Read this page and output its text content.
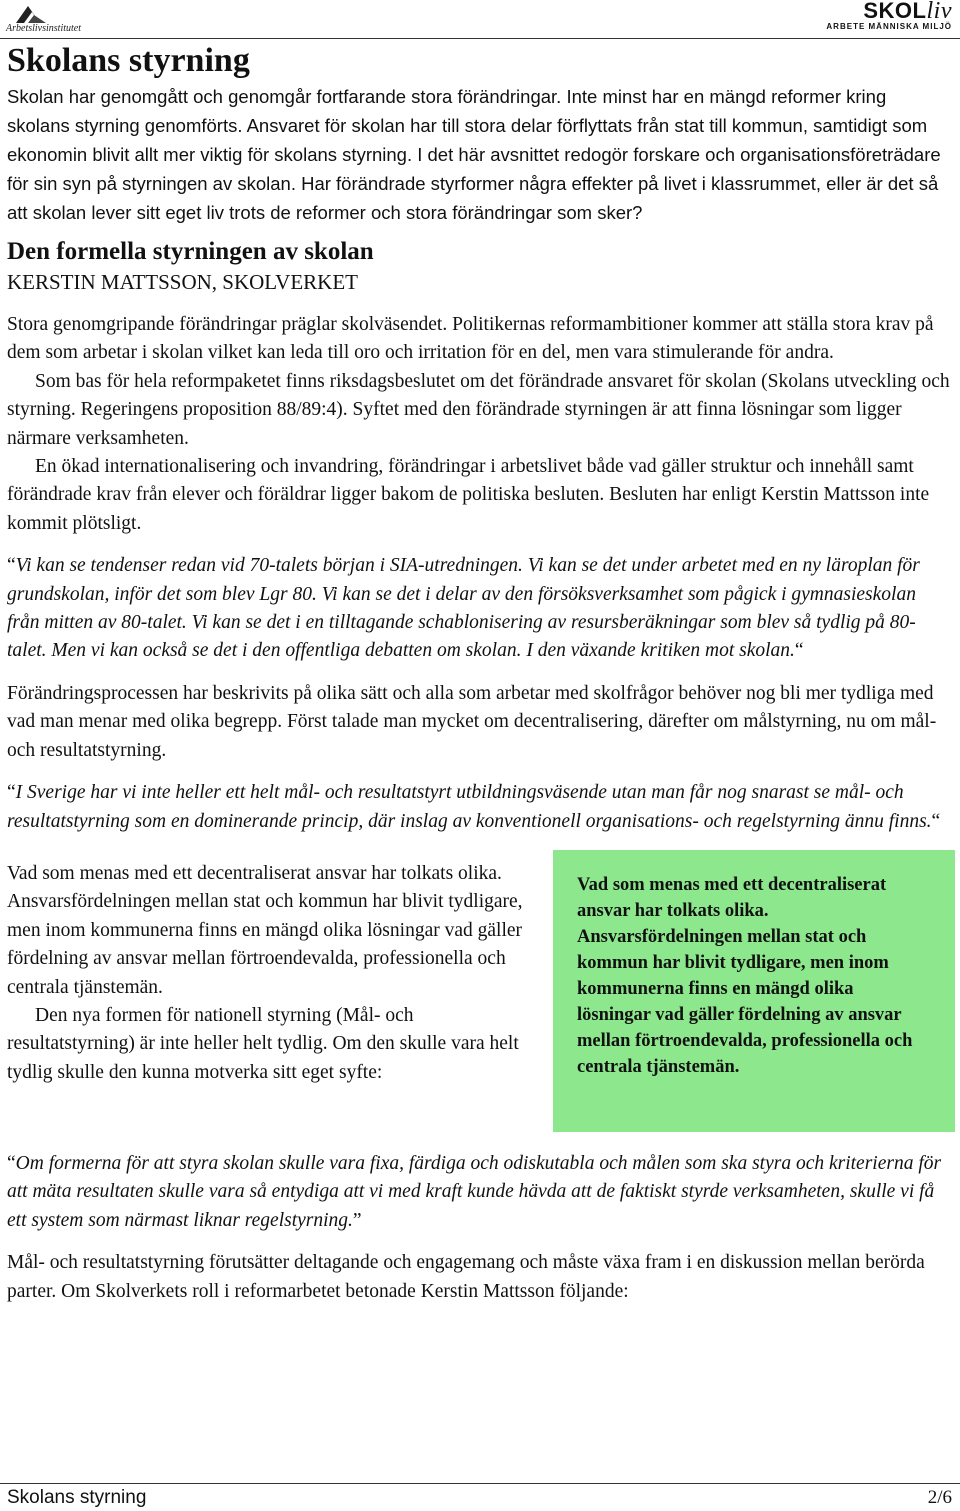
Arbetslivsinstitutet
SKOLliv
ARBETE MÄNNISKA MILJÖ
Skolans styrning

Skolan har genomgått och genomgår fortfarande stora förändringar. Inte minst har en mängd reformer kring skolans styrning genomförts. Ansvaret för skolan har till stora delar förflyttats från stat till kommun, samtidigt som ekonomin blivit allt mer viktig för skolans styrning. I det här avsnittet redogör forskare och organisationsföreträdare för sin syn på styrningen av skolan. Har förändrade styrformer några effekter på livet i klassrummet, eller är det så att skolan lever sitt eget liv trots de reformer och stora förändringar som sker?

Den formella styrningen av skolan
KERSTIN MATTSSON, SKOLVERKET

Stora genomgripande förändringar präglar skolväsendet. Politikernas reformambitioner kommer att ställa stora krav på dem som arbetar i skolan vilket kan leda till oro och irritation för en del, men vara stimulerande för andra.

Som bas för hela reformpaketet finns riksdagsbeslutet om det förändrade ansvaret för skolan (Skolans utveckling och styrning. Regeringens proposition 88/89:4). Syftet med den förändrade styrningen är att finna lösningar som ligger närmare verksamheten.

En ökad internationalisering och invandring, förändringar i arbetslivet både vad gäller struktur och innehåll samt förändrade krav från elever och föräldrar ligger bakom de politiska besluten. Besluten har enligt Kerstin Mattsson inte kommit plötsligt.

“Vi kan se tendenser redan vid 70-talets början i SIA-utredningen. Vi kan se det under arbetet med en ny läroplan för grundskolan, inför det som blev Lgr 80. Vi kan se det i delar av den försöksverksamhet som pågick i gymnasieskolan från mitten av 80-talet. Vi kan se det i en tilltagande schablonisering av resursberäkningar som blev så tydlig på 80-talet. Men vi kan också se det i den offentliga debatten om skolan. I den växande kritiken mot skolan.“

Förändringsprocessen har beskrivits på olika sätt och alla som arbetar med skolfrågor behöver nog bli mer tydliga med vad man menar med olika begrepp. Först talade man mycket om decentralisering, därefter om målstyrning, nu om mål- och resultatstyrning.

“I Sverige har vi inte heller ett helt mål- och resultatstyrt utbildningsväsende utan man får nog snarast se mål- och resultatstyrning som en dominerande princip, där inslag av konventionell organisations- och regelstyrning ännu finns.“

Vad som menas med ett decentraliserat ansvar har tolkats olika. Ansvarsfördelningen mellan stat och kommun har blivit tydligare, men inom kommunerna finns en mängd olika lösningar vad gäller fördelning av ansvar mellan förtroendevalda, professionella och centrala tjänstemän.

Den nya formen för nationell styrning (Mål- och resultatstyrning) är inte heller helt tydlig. Om den skulle vara helt tydlig skulle den kunna motverka sitt eget syfte:

Vad som menas med ett decentraliserat ansvar har tolkats olika. Ansvarsfördelningen mellan stat och kommun har blivit tydligare, men inom kommunerna finns en mängd olika lösningar vad gäller fördelning av ansvar mellan förtroendevalda, professionella och centrala tjänstemän.

“Om formerna för att styra skolan skulle vara fixa, färdiga och odiskutabla och målen som ska styra och kriterierna för att mäta resultaten skulle vara så entydiga att vi med kraft kunde hävda att de faktiskt styrde verksamheten, skulle vi få ett system som närmast liknar regelstyrning.”

Mål- och resultatstyrning förutsätter deltagande och engagemang och måste växa fram i en diskussion mellan berörda parter. Om Skolverkets roll i reformarbetet betonade Kerstin Mattsson följande:

Skolans styrning	2/6
